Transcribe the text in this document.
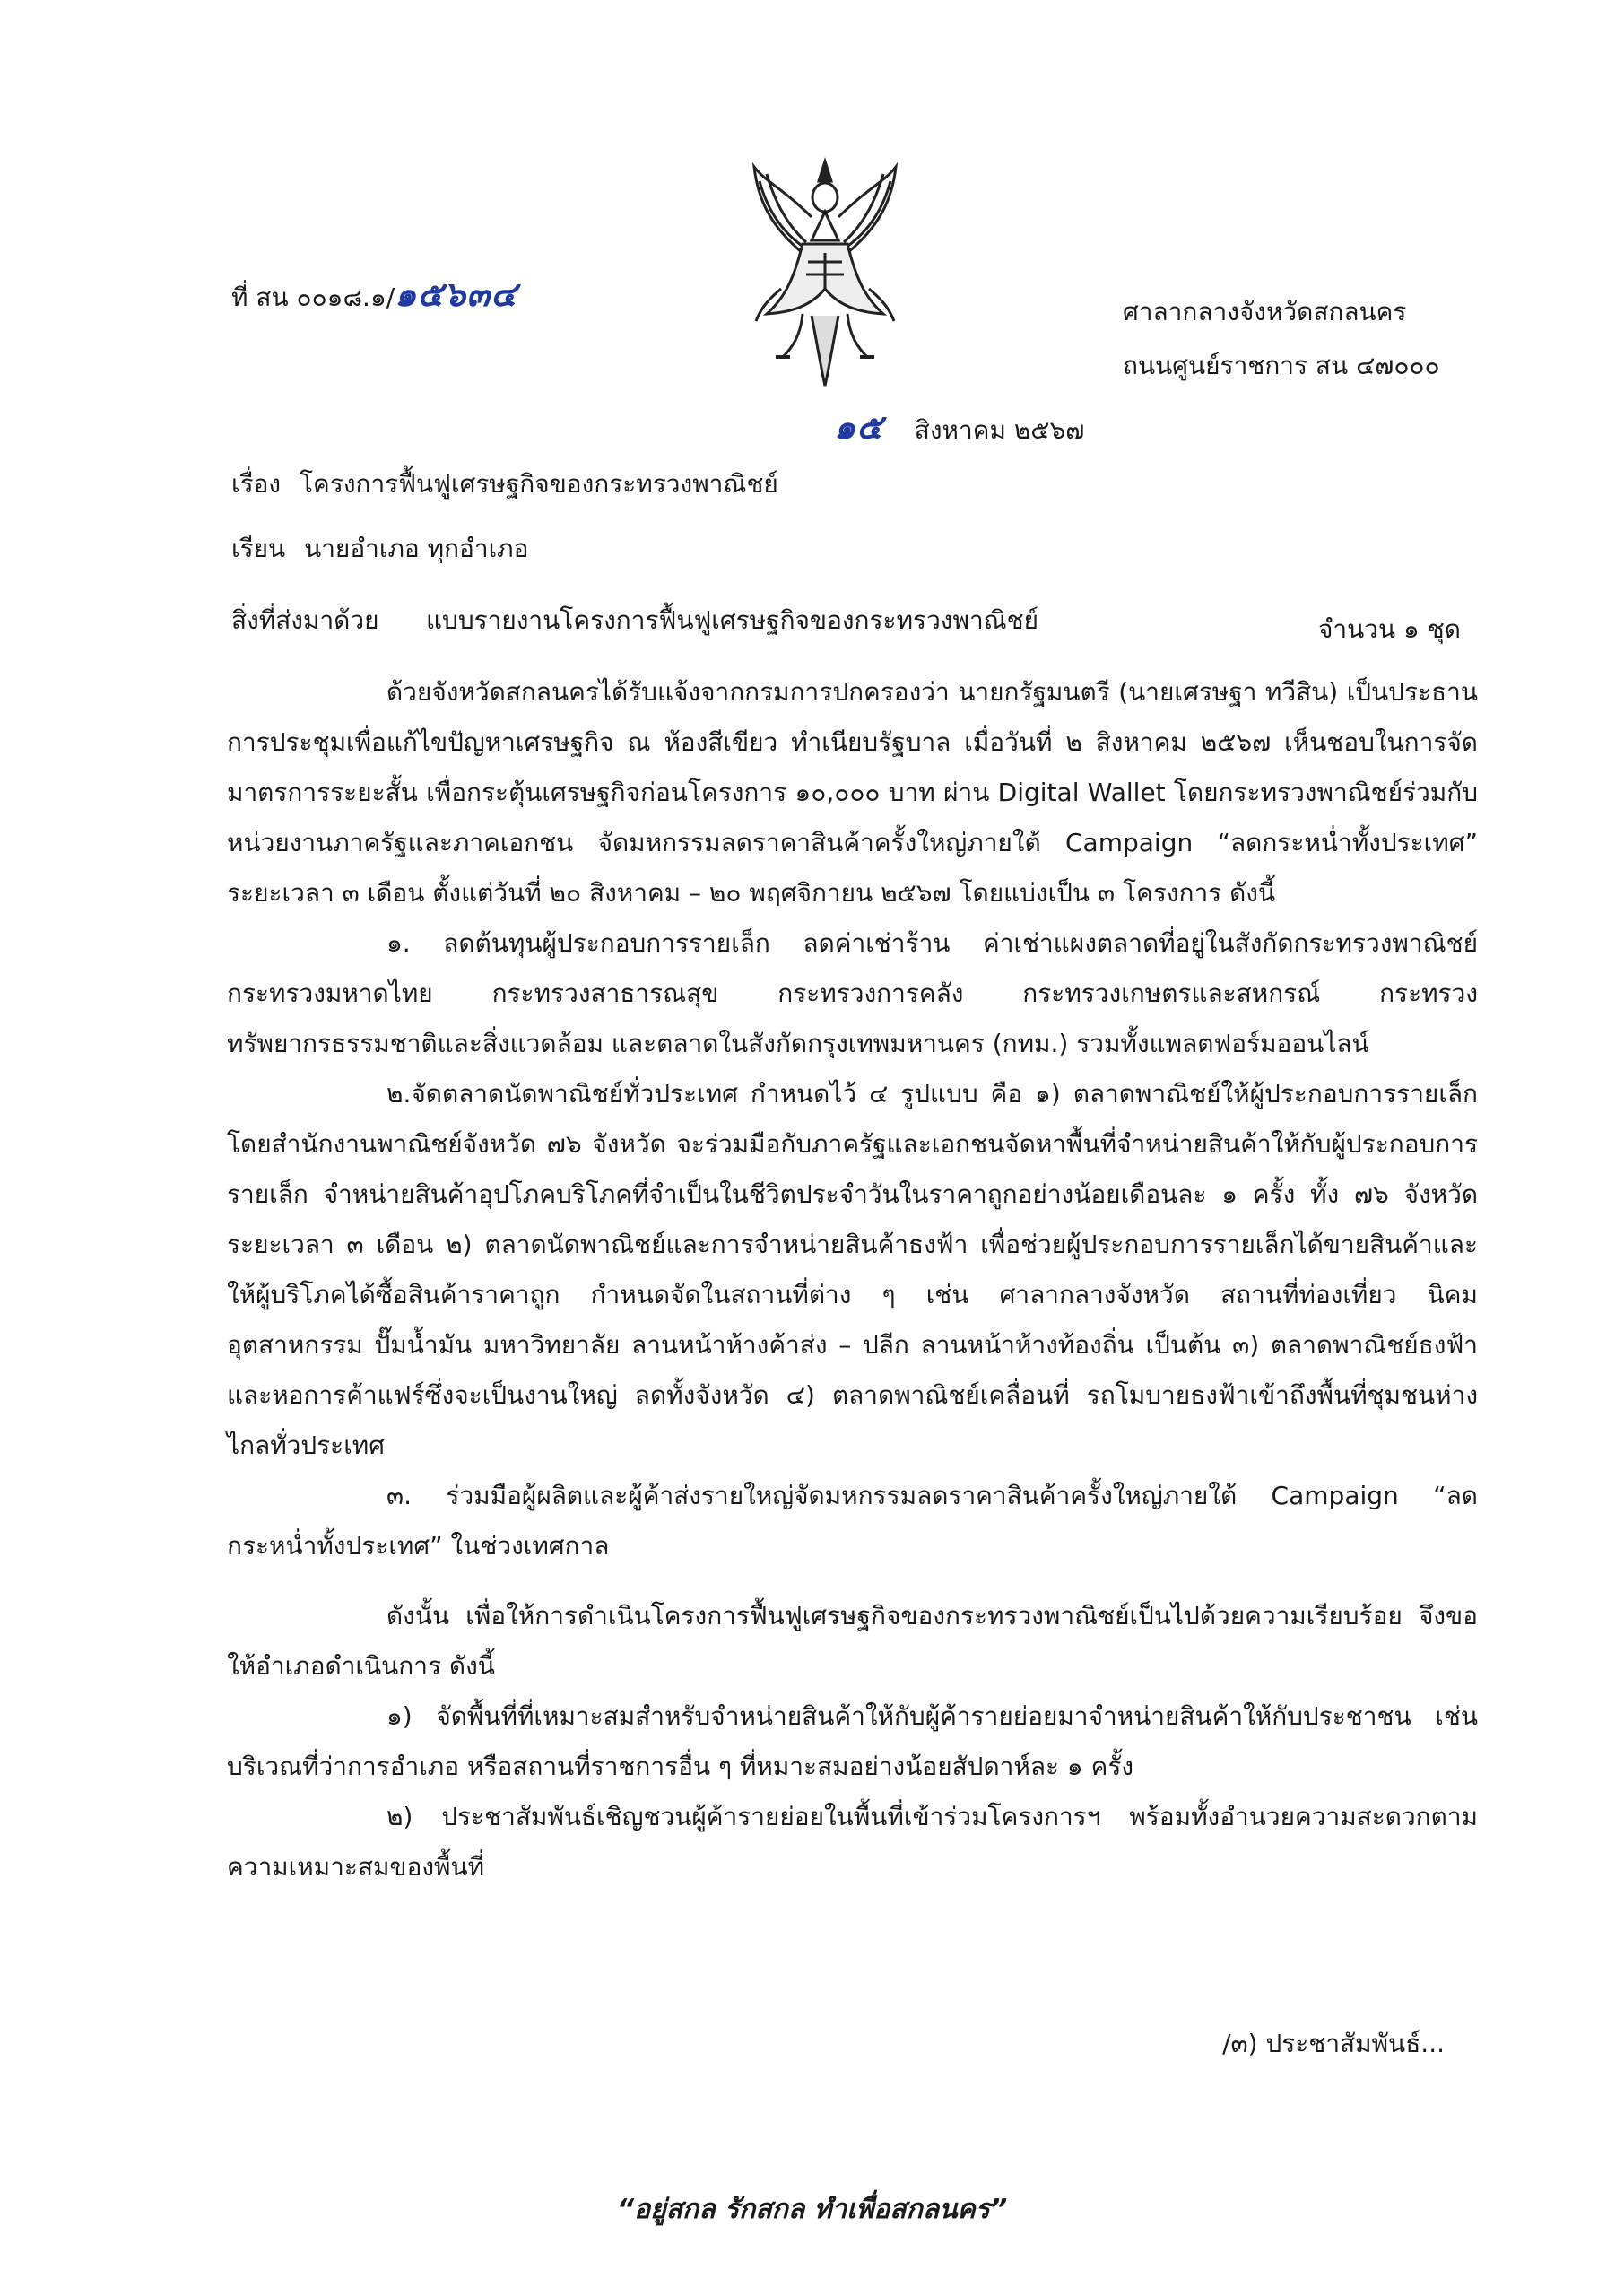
ที่ สน ๐๐๑๘.๑/๑๕๖๓๔	ศาลากลางจังหวัดสกลนคร
ถนนศูนย์ราชการ สน ๔๗๐๐๐
๑๕ สิงหาคม ๒๕๖๗
เรื่อง โครงการฟื้นฟูเศรษฐกิจของกระทรวงพาณิชย์
เรียน นายอำเภอ ทุกอำเภอ
สิ่งที่ส่งมาด้วย แบบรายงานโครงการฟื้นฟูเศรษฐกิจของกระทรวงพาณิชย์	จำนวน ๑ ชุด

ด้วยจังหวัดสกลนครได้รับแจ้งจากกรมการปกครองว่า นายกรัฐมนตรี (นายเศรษฐา ทวีสิน) เป็นประธานการประชุมเพื่อแก้ไขปัญหาเศรษฐกิจ ณ ห้องสีเขียว ทำเนียบรัฐบาล เมื่อวันที่ ๒ สิงหาคม ๒๕๖๗ เห็นชอบในการจัดมาตรการระยะสั้น เพื่อกระตุ้นเศรษฐกิจก่อนโครงการ ๑๐,๐๐๐ บาท ผ่าน Digital Wallet โดยกระทรวงพาณิชย์ร่วมกับหน่วยงานภาครัฐและภาคเอกชน จัดมหกรรมลดราคาสินค้าครั้งใหญ่ภายใต้ Campaign “ลดกระหน่ำทั้งประเทศ” ระยะเวลา ๓ เดือน ตั้งแต่วันที่ ๒๐ สิงหาคม – ๒๐ พฤศจิกายน ๒๕๖๗ โดยแบ่งเป็น ๓ โครงการ ดังนี้

๑. ลดต้นทุนผู้ประกอบการรายเล็ก ลดค่าเช่าร้าน ค่าเช่าแผงตลาดที่อยู่ในสังกัดกระทรวงพาณิชย์ กระทรวงมหาดไทย กระทรวงสาธารณสุข กระทรวงการคลัง กระทรวงเกษตรและสหกรณ์ กระทรวงทรัพยากรธรรมชาติและสิ่งแวดล้อม และตลาดในสังกัดกรุงเทพมหานคร (กทม.) รวมทั้งแพลตฟอร์มออนไลน์

๒.จัดตลาดนัดพาณิชย์ทั่วประเทศ กำหนดไว้ ๔ รูปแบบ คือ ๑) ตลาดพาณิชย์ให้ผู้ประกอบการรายเล็ก โดยสำนักงานพาณิชย์จังหวัด ๗๖ จังหวัด จะร่วมมือกับภาครัฐและเอกชนจัดหาพื้นที่จำหน่ายสินค้าให้กับผู้ประกอบการรายเล็ก จำหน่ายสินค้าอุปโภคบริโภคที่จำเป็นในชีวิตประจำวันในราคาถูกอย่างน้อยเดือนละ ๑ ครั้ง ทั้ง ๗๖ จังหวัด ระยะเวลา ๓ เดือน ๒) ตลาดนัดพาณิชย์และการจำหน่ายสินค้าธงฟ้า เพื่อช่วยผู้ประกอบการรายเล็กได้ขายสินค้าและให้ผู้บริโภคได้ซื้อสินค้าราคาถูก กำหนดจัดในสถานที่ต่าง ๆ เช่น ศาลากลางจังหวัด สถานที่ท่องเที่ยว นิคมอุตสาหกรรม ปั๊มน้ำมัน มหาวิทยาลัย ลานหน้าห้างค้าส่ง – ปลีก ลานหน้าห้างท้องถิ่น เป็นต้น ๓) ตลาดพาณิชย์ธงฟ้าและหอการค้าแฟร์ซึ่งจะเป็นงานใหญ่ ลดทั้งจังหวัด ๔) ตลาดพาณิชย์เคลื่อนที่ รถโมบายธงฟ้าเข้าถึงพื้นที่ชุมชนห่างไกลทั่วประเทศ

๓. ร่วมมือผู้ผลิตและผู้ค้าส่งรายใหญ่จัดมหกรรมลดราคาสินค้าครั้งใหญ่ภายใต้ Campaign “ลดกระหน่ำทั้งประเทศ” ในช่วงเทศกาล

ดังนั้น เพื่อให้การดำเนินโครงการฟื้นฟูเศรษฐกิจของกระทรวงพาณิชย์เป็นไปด้วยความเรียบร้อย จึงขอให้อำเภอดำเนินการ ดังนี้

๑) จัดพื้นที่ที่เหมาะสมสำหรับจำหน่ายสินค้าให้กับผู้ค้ารายย่อยมาจำหน่ายสินค้าให้กับประชาชน เช่น บริเวณที่ว่าการอำเภอ หรือสถานที่ราชการอื่น ๆ ที่หมาะสมอย่างน้อยสัปดาห์ละ ๑ ครั้ง

๒) ประชาสัมพันธ์เชิญชวนผู้ค้ารายย่อยในพื้นที่เข้าร่วมโครงการฯ พร้อมทั้งอำนวยความสะดวกตามความเหมาะสมของพื้นที่

/๓) ประชาสัมพันธ์...
“อยู่สกล รักสกล ทำเพื่อสกลนคร”
